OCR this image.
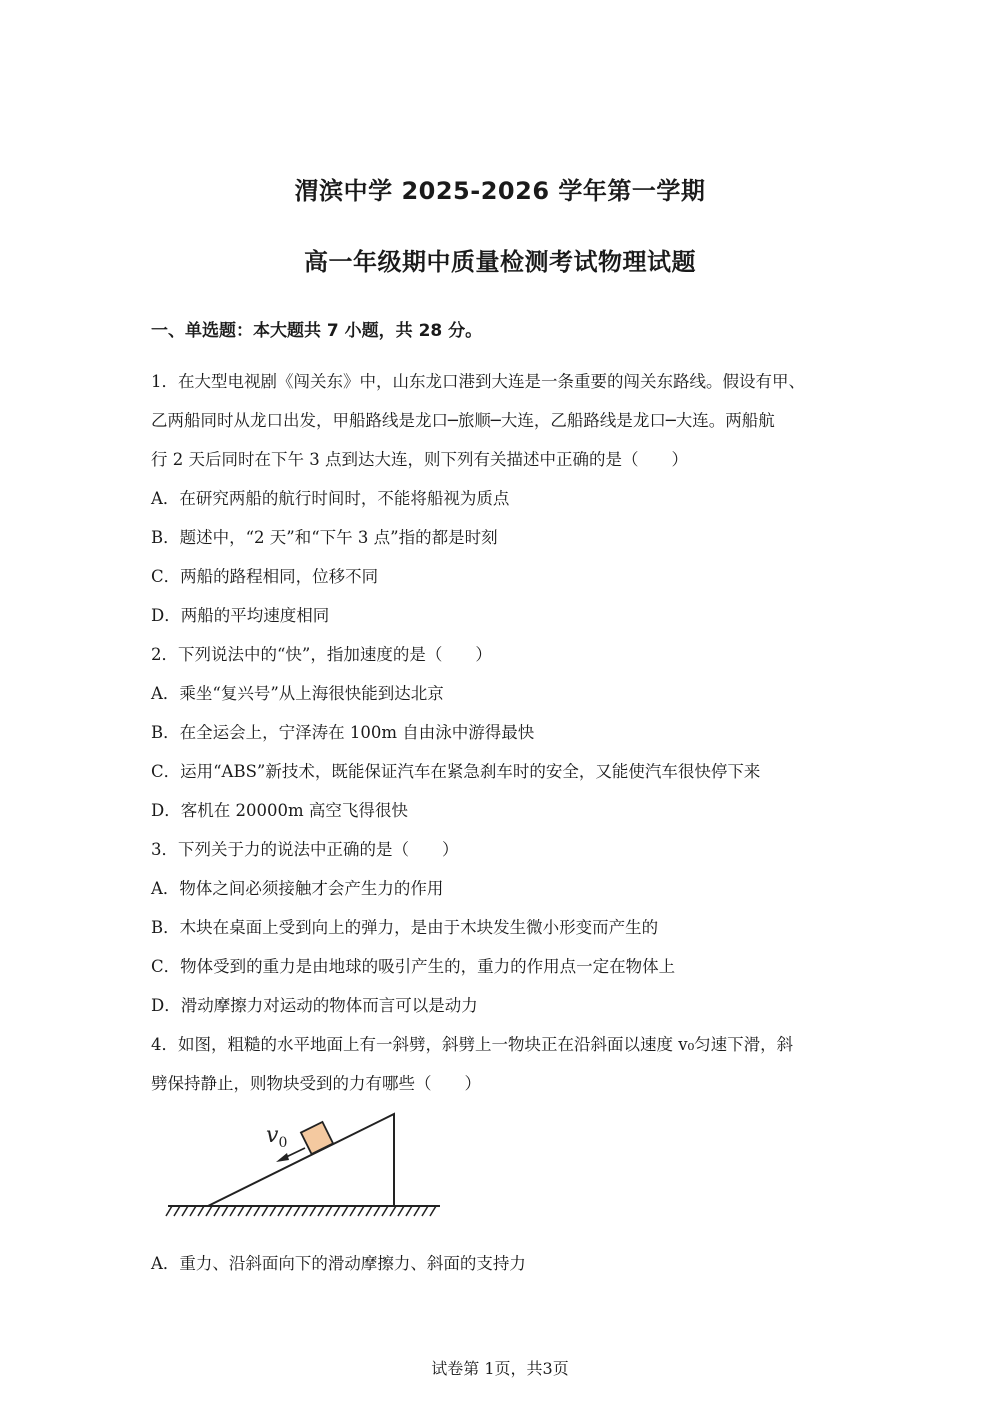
渭滨中学 2025-2026 学年第一学期
高一年级期中质量检测考试物理试题
一、单选题：本大题共 7 小题，共 28 分。
1．在大型电视剧《闯关东》中，山东龙口港到大连是一条重要的闯关东路线。假设有甲、
乙两船同时从龙口出发，甲船路线是龙口─旅顺─大连，乙船路线是龙口─大连。两船航
行 2 天后同时在下午 3 点到达大连，则下列有关描述中正确的是（　　）
A．在研究两船的航行时间时，不能将船视为质点
B．题述中，“2 天”和“下午 3 点”指的都是时刻
C．两船的路程相同，位移不同
D．两船的平均速度相同
2．下列说法中的“快”，指加速度的是（　　）
A．乘坐“复兴号”从上海很快能到达北京
B．在全运会上，宁泽涛在 100m 自由泳中游得最快
C．运用“ABS”新技术，既能保证汽车在紧急刹车时的安全，又能使汽车很快停下来
D．客机在 20000m 高空飞得很快
3．下列关于力的说法中正确的是（　　）
A．物体之间必须接触才会产生力的作用
B．木块在桌面上受到向上的弹力，是由于木块发生微小形变而产生的
C．物体受到的重力是由地球的吸引产生的，重力的作用点一定在物体上
D．滑动摩擦力对运动的物体而言可以是动力
4．如图，粗糙的水平地面上有一斜劈，斜劈上一物块正在沿斜面以速度 v₀匀速下滑，斜
劈保持静止，则物块受到的力有哪些（　　）
$v_0$
A．重力、沿斜面向下的滑动摩擦力、斜面的支持力
试卷第 1页，共3页
